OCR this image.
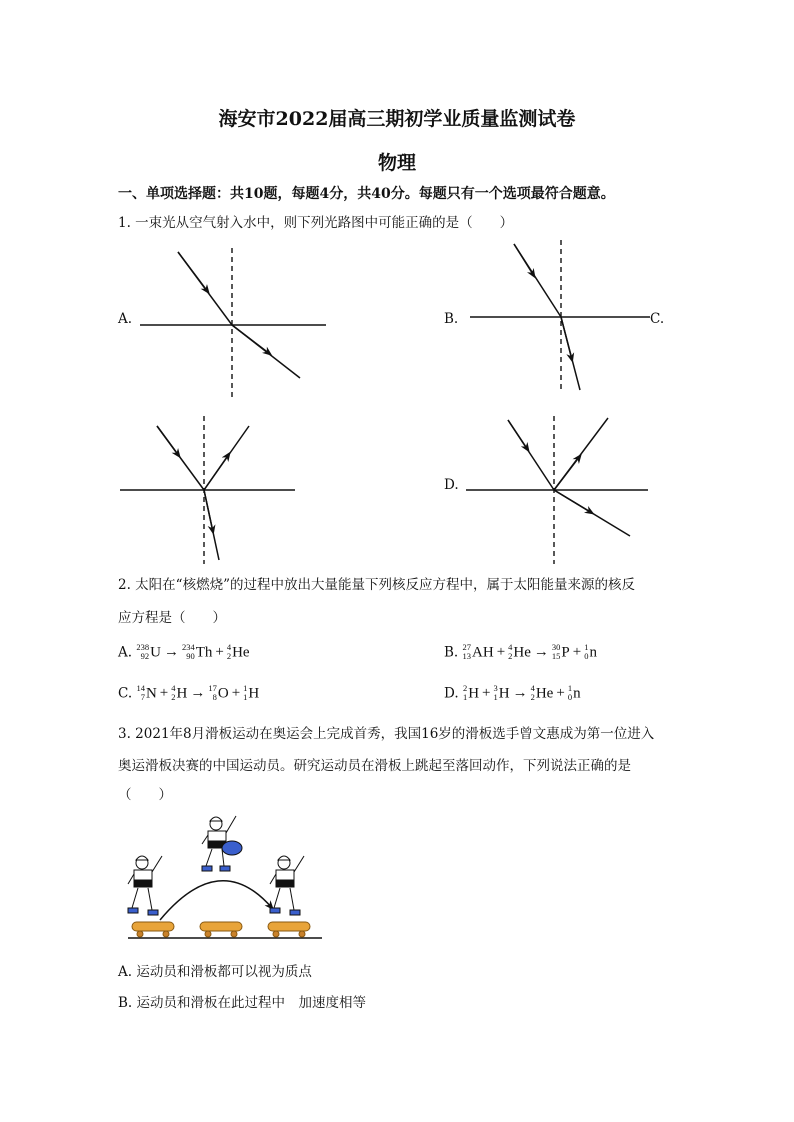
海安市2022届高三期初学业质量监测试卷
物理
一、单项选择题：共10题，每题4分，共40分。每题只有一个选项最符合题意。
1. 一束光从空气射入水中，则下列光路图中可能正确的是（　　）
A.	B.	C.
D.
2. 太阳在“核燃烧”的过程中放出大量能量下列核反应方程中，属于太阳能量来源的核反
应方程是（　　）
A. 238
92 U → 234
90 Th + 4
2 He	B. 27
13 AH + 4
2 He → 30
15 P + 1
0 n
C. 14
7 N + 4
2 H → 17
8 O + 1
1 H	D. 2
1 H + 3
1 H → 4
2 He + 1
0 n
3. 2021年8月滑板运动在奥运会上完成首秀，我国16岁的滑板选手曾文惠成为第一位进入
奥运滑板决赛的中国运动员。研究运动员在滑板上跳起至落回动作，下列说法正确的是
（　　）
A. 运动员和滑板都可以视为质点
B. 运动员和滑板在此过程中　加速度相等
